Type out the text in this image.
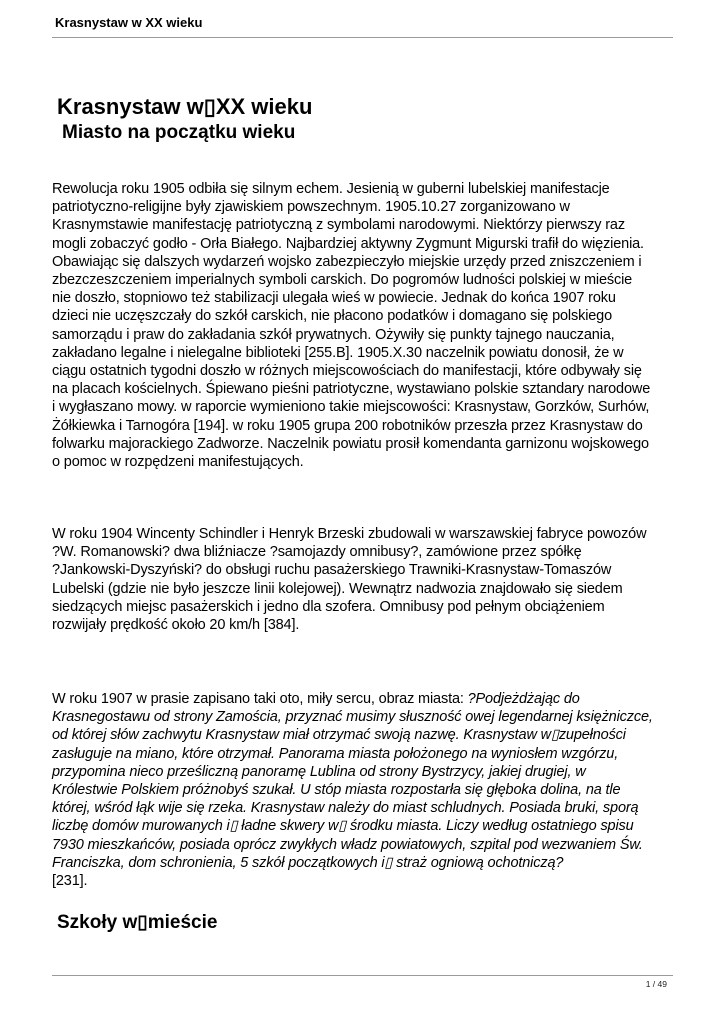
Krasnystaw w XX wieku
Krasnystaw w▯XX wieku
Miasto na początku wieku
Rewolucja roku 1905 odbiła się silnym echem. Jesienią w guberni lubelskiej manifestacje
patriotyczno-religijne były zjawiskiem powszechnym. 1905.10.27 zorganizowano w
Krasnymstawie manifestację patriotyczną z symbolami narodowymi. Niektórzy pierwszy raz
mogli zobaczyć godło - Orła Białego. Najbardziej aktywny Zygmunt Migurski trafił do więzienia.
Obawiając się dalszych wydarzeń wojsko zabezpieczyło miejskie urzędy przed zniszczeniem i
zbezczeszczeniem imperialnych symboli carskich. Do pogromów ludności polskiej w mieście
nie doszło, stopniowo też stabilizacji ulegała wieś w powiecie. Jednak do końca 1907 roku
dzieci nie uczęszczały do szkół carskich, nie płacono podatków i domagano się polskiego
samorządu i praw do zakładania szkół prywatnych. Ożywiły się punkty tajnego nauczania,
zakładano legalne i nielegalne biblioteki [255.B]. 1905.X.30 naczelnik powiatu donosił, że w
ciągu ostatnich tygodni doszło w różnych miejscowościach do manifestacji, które odbywały się
na placach kościelnych. Śpiewano pieśni patriotyczne, wystawiano polskie sztandary narodowe
i wygłaszano mowy. w raporcie wymieniono takie miejscowości: Krasnystaw, Gorzków, Surhów,
Żółkiewka i Tarnogóra [194]. w roku 1905 grupa 200 robotników przeszła przez Krasnystaw do
folwarku majorackiego Zadworze. Naczelnik powiatu prosił komendanta garnizonu wojskowego
o pomoc w rozpędzeni manifestujących.
W roku 1904 Wincenty Schindler i Henryk Brzeski zbudowali w warszawskiej fabryce powozów
?W. Romanowski? dwa bliźniacze ?samojazdy omnibusy?, zamówione przez spółkę
?Jankowski-Dyszyński? do obsługi ruchu pasażerskiego Trawniki-Krasnystaw-Tomaszów
Lubelski (gdzie nie było jeszcze linii kolejowej). Wewnątrz nadwozia znajdowało się siedem
siedzących miejsc pasażerskich i jedno dla szofera. Omnibusy pod pełnym obciążeniem
rozwijały prędkość około 20 km/h [384].
W roku 1907 w prasie zapisano taki oto, miły sercu, obraz miasta: ?Podjeżdżając do
Krasnegostawu od strony Zamościa, przyznać musimy słuszność owej legendarnej księżniczce,
od której słów zachwytu Krasnystaw miał otrzymać swoją nazwę. Krasnystaw w▯zupełności
zasługuje na miano, które otrzymał. Panorama miasta położonego na wyniosłem wzgórzu,
przypomina nieco prześliczną panoramę Lublina od strony Bystrzycy, jakiej drugiej, w
Królestwie Polskiem próżnobyś szukał. U stóp miasta rozpostarła się głęboka dolina, na tle
której, wśród łąk wije się rzeka. Krasnystaw należy do miast schludnych. Posiada bruki, sporą
liczbę domów murowanych i▯ ładne skwery w▯ środku miasta. Liczy według ostatniego spisu
7930 mieszkańców, posiada oprócz zwykłych władz powiatowych, szpital pod wezwaniem Św.
Franciszka, dom schronienia, 5 szkół początkowych i▯ straż ogniową ochotniczą?
[231].
Szkoły w▯mieście
1 / 49
